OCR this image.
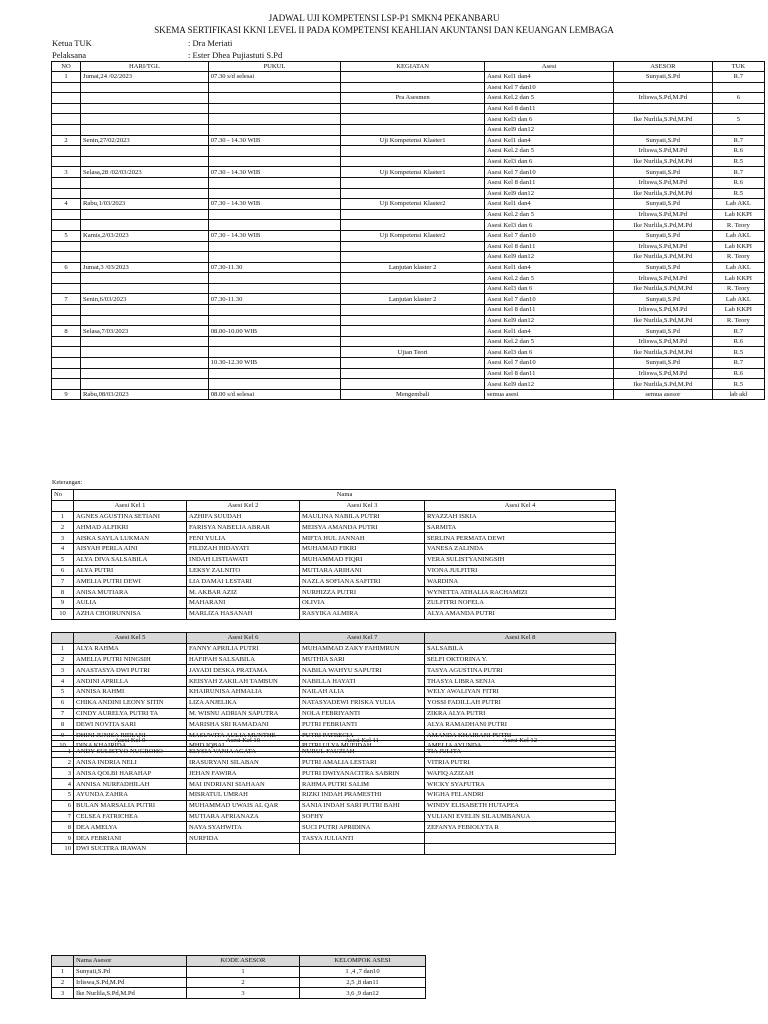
JADWAL UJI KOMPETENSI LSP-P1 SMKN4 PEKANBARU
SKEMA SERTIFIKASI KKNI LEVEL II PADA KOMPETENSI KEAHLIAN AKUNTANSI DAN KEUANGAN LEMBAGA
Ketua TUK	: Dra Meriati
Pelaksana	: Ester Dhea Pujiastuti S.Pd
NO	HARI/TGL	PUKUL	KEGIATAN	Asesi	ASESOR	TUK
1	Jumat,24 /02/2023	07.30 s/d selesai		Asesi Kel1 dan4	Sunyati,S.Pd	R.7
				Asesi Kel 7 dan10		
			Pra Asesmen	Asesi Kel.2 dan 5	Irliswa,S.Pd,M.Pd	6
				Asesi Kel 8 dan11		
				Asesi Kel3 dan 6	Ike Nurlila,S.Pd,M.Pd	5
				Asesi Kel9 dan12		
2	Senin,27/02/2023	07.30 - 14.30 WIB	Uji Kompetensi Klaster1	Asesi Kel1 dan4	Sunyati,S.Pd	R.7
				Asesi Kel.2 dan 5	Irliswa,S.Pd,M.Pd	R.6
				Asesi Kel3 dan 6	Ike Nurlila,S.Pd,M.Pd	R.5
3	Selasa,28 /02/03/2023	07.30 - 14.30 WIB	Uji Kompetensi Klaster1	Asesi Kel 7 dan10	Sunyati,S.Pd	R.7
				Asesi Kel 8 dan11	Irliswa,S.Pd,M.Pd	R.6
				Asesi Kel9 dan12	Ike Nurlila,S.Pd,M.Pd	R.5
4	Rabu,1/03/2023	07.30 - 14.30 WIB	Uji Kompetensi Klaster2	Asesi Kel1 dan4	Sunyati,S.Pd	Lab AKL
				Asesi Kel.2 dan 5	Irliswa,S.Pd,M.Pd	Lab KKPI
				Asesi Kel3 dan 6	Ike Nurlila,S.Pd,M.Pd	R. Teory
5	Kamis,2/03/2023	07.30 - 14.30 WIB	Uji Kompetensi Klaster2	Asesi Kel 7 dan10	Sunyati,S.Pd	Lab AKL
				Asesi Kel 8 dan11	Irliswa,S.Pd,M.Pd	Lab KKPI
				Asesi Kel9 dan12	Ike Nurlila,S.Pd,M.Pd	R. Teory
6	Jumat,3 /03/2023	07.30-11.30	Lanjutan klaster 2	Asesi Kel1 dan4	Sunyati,S.Pd	Lab AKL
				Asesi Kel.2 dan 5	Irliswa,S.Pd,M.Pd	Lab KKPI
				Asesi Kel3 dan 6	Ike Nurlila,S.Pd,M.Pd	R. Teory
7	Senin,6/03/2023	07.30-11.30	Lanjutan klaster 2	Asesi Kel 7 dan10	Sunyati,S.Pd	Lab AKL
				Asesi Kel 8 dan11	Irliswa,S.Pd,M.Pd	Lab KKPI
				Asesi Kel9 dan12	Ike Nurlila,S.Pd,M.Pd	R. Teory
8	Selasa,7/03/2023	08.00-10.00 WIB		Asesi Kel1 dan4	Sunyati,S.Pd	R.7
				Asesi Kel.2 dan 5	Irliswa,S.Pd,M.Pd	R.6
			Ujian Teori	Asesi Kel3 dan 6	Ike Nurlila,S.Pd,M.Pd	R.5
		10.30-12.30 WIB		Asesi Kel 7 dan10	Sunyati,S.Pd	R.7
				Asesi Kel 8 dan11	Irliswa,S.Pd,M.Pd	R.6
				Asesi Kel9 dan12	Ike Nurlila,S.Pd,M.Pd	R.5
9	Rabu,08/03/2023	08.00 s/d selesai	Mengembali	semua asesi	semua asesor	lab akl
Keterangan:
No	Nama			
	Asesi Kel 1	Asesi Kel 2	Asesi Kel 3	Asesi Kel 4
1	AGNES AGUSTINA SETIANI	AZHIFA SUUDAH	MAULINA NABILA PUTRI	RYAZZAH ISKIA
2	AHMAD ALFIKRI	FARISYA NABELIA ABRAR	MEISYA AMANDA PUTRI	SARMITA
3	AISKA SAYLA LUKMAN	FENI YULIA	MIFTA HUL JANNAH	SERLINA PERMATA DEWI
4	AISYAH PERLA AINI	FILDZAH HIDAYATI	MUHAMAD FIKRI	VANESA ZALINDA
5	ALYA DIVA SALSABILA	INDAH LISTIAWATI	MUHAMMAD FIQRI	VERA SULISTYANINGSIH
6	ALYA PUTRI	LEKSY ZALNITO	MUTIARA ARIHANI	VIONA JULFITRI
7	AMELIA PUTRI DEWI	LIA DAMAI LESTARI	NAZLA SOFIANA SAFITRI	WARDINA
8	ANISA MUTIARA	M. AKBAR AZIZ	NURHIZZA PUTRI	WYNETTA ATHALIA RACHAMIZI
9	AULIA	MAHARANI	OLIVIA	ZULFITRI NOFELA
10	AZHA CHOIRUNNISA	MARLIZA HASANAH	RASYIKA ALMIRA	ALYA AMANDA PUTRI
	Asesi Kel 5	Asesi Kel 6	Asesi Kel 7	Asesi Kel 8
1	ALYA RAHMA	FANNY APRILIA PUTRI	MUHAMMAD ZAKY FAHIMRUN	SALSABILA
2	AMELIA PUTRI NINGSIH	HAFIFAH SALSABILA	MUTHIA SARI	SELFI OKTORINA Y.
3	ANASTASYA DWI PUTRI	JAYADI DESKA PRATAMA	NABILA WAHYU SAPUTRI	TASYA AGUSTINA PUTRI
4	ANDINI APRILLA	KEISYAH ZAKILAH TAMBUN	NABILLA HAYATI	THASYA LIBRA SENJA
5	ANNISA RAHMI	KHAIRUNISA AHMALIA	NAILAH ALIA	WELY AWALIYAN FITRI
6	CHIKA ANDINI LEONY SITIN	LIZA ANJELIKA	NATASYADEWI FRISKA YULIA	YOSSI FADILLAH PUTRI
7	CINDY AURELYA PUTRI TA	M. WISNU ADRIAN SAPUTRA	NOLA FEBRIYANTI	ZIKRA ALYA PUTRI
8	DEWI NOVITA SARI	MARISHA SRI RAMADANI	PUTRI FEBRIANTI	ALYA RAMADHANI PUTRI
9	DHINI JUNISA RIDIANI	MASUWITA AULIA MUNTHE	PUTRI PATRECIA	AMANDA KHAIRANI PUTRI
10	DINA KHAIRIDA	MHD IQBAL	PUTRI ULYA MUFIDAH	AMELIA AYUNDA
	Asesi Kel 9	Asesi Kel 10	Asesi Kel 11	Asesi Kel 12
1	ANDY SULISTYO NUGROHO	ELYSIA VANIA AGATA	NURUL FAUZIAH	TIA JULITA
2	ANISA INDRIA NELI	IRASURYANI SILABAN	PUTRI AMALIA LESTARI	VITRIA PUTRI
3	ANISA QOLBI HARAHAP	JEHAN FAWIRA	PUTRI DWIYANACITRA SABRIN	WAFIQ AZIZAH
4	ANNISA NURFADHILAH	MAI INDRIANI SIAHAAN	RAHMA PUTRI SALIM	WICKY SYAFUTRA
5	AYUNDA ZAHRA	MISRATUL UMRAH	RIZKI INDAH PRAMESTHI	WIGHA FELANDRI
6	BULAN MARSALIA PUTRI	MUHAMMAD UWAIS AL QAR	SANIA INDAH SARI PUTRI BAHI	WINDY ELISABETH HUTAPEA
7	CELSEA FATRICHEA	MUTIARA AFRIANAZA	SOFHY	YULIANI EVELIN SILAUMBANUA
8	DEA AMELYA	NAYA SYAHWITA	SUCI PUTRI APRIDINA	ZEFANYA FEBIOLYTA R
9	DEA FEBRIANI	NURFIDA	TASYA JULIANTI	
10	DWI SUCITRA IRAWAN			
	Nama Asesor	KODE ASESOR	KELOMPOK ASESI
1	Sunyati,S.Pd	1	1 ,4 ,7 dan10
2	Irliswa,S.Pd,M.Pd	2	2,5 ,8 dan11
3	Ike Nurlila,S.Pd,M.Pd	3	3,6 ,9 dan12
